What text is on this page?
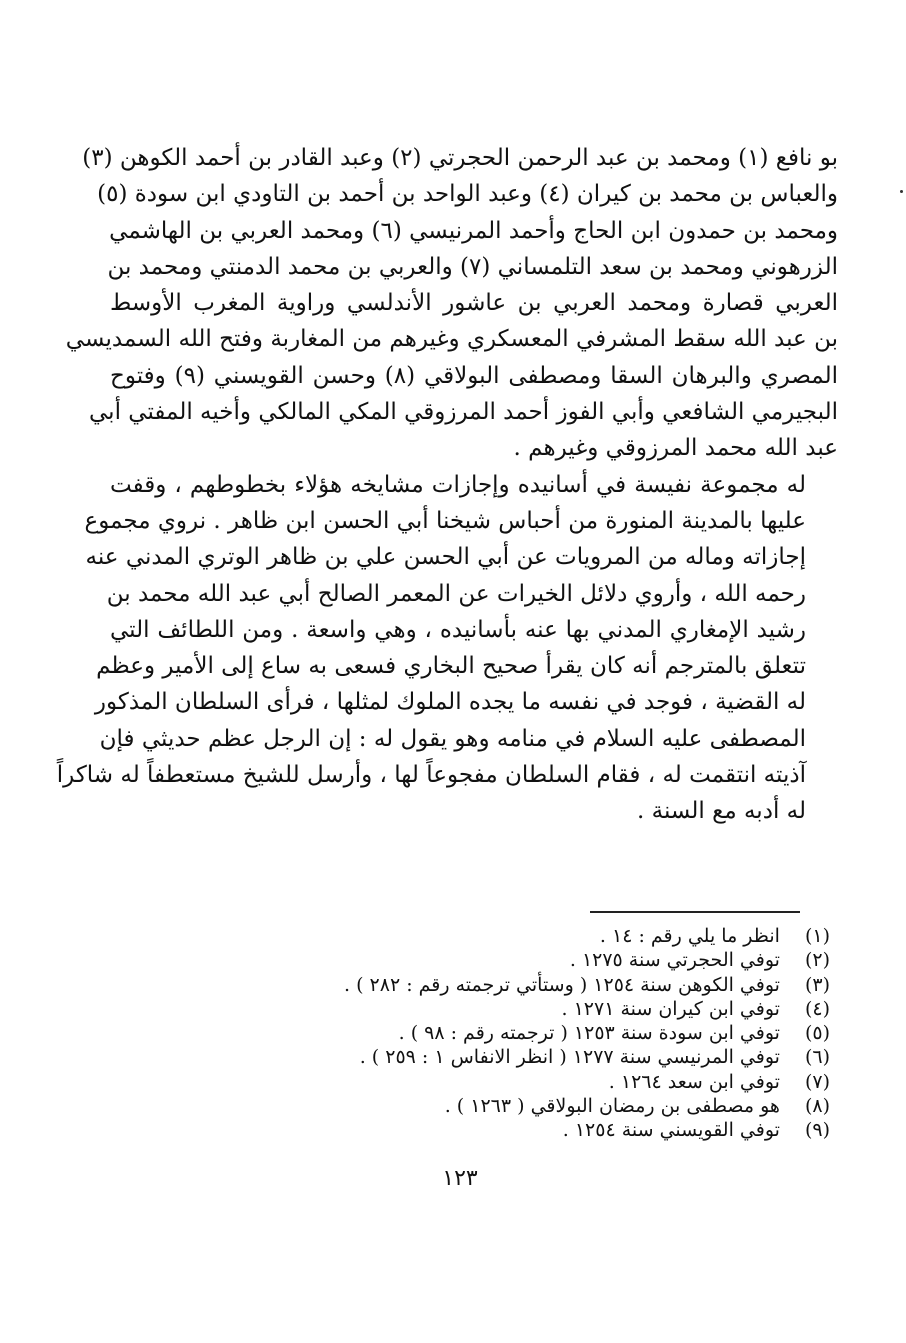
بو نافع (١) ومحمد بن عبد الرحمن الحجرتي (٢) وعبد القادر بن أحمد الكوهن (٣)
والعباس بن محمد بن كيران (٤) وعبد الواحد بن أحمد بن التاودي ابن سودة (٥)
ومحمد بن حمدون ابن الحاج وأحمد المرنيسي (٦) ومحمد العربي بن الهاشمي
الزرهوني ومحمد بن سعد التلمساني (٧) والعربي بن محمد الدمنتي ومحمد بن
العربي قصارة ومحمد العربي بن عاشور الأندلسي وراوية المغرب الأوسط
بن عبد الله سقط المشرفي المعسكري وغيرهم من المغاربة وفتح الله السمديسي
المصري والبرهان السقا ومصطفى البولاقي (٨) وحسن القويسني (٩) وفتوح
البجيرمي الشافعي وأبي الفوز أحمد المرزوقي المكي المالكي وأخيه المفتي أبي
عبد الله محمد المرزوقي وغيرهم .

له مجموعة نفيسة في أسانيده وإجازات مشايخه هؤلاء بخطوطهم ، وقفت
عليها بالمدينة المنورة من أحباس شيخنا أبي الحسن ابن ظاهر . نروي مجموع
إجازاته وماله من المرويات عن أبي الحسن علي بن ظاهر الوتري المدني عنه
رحمه الله ، وأروي دلائل الخيرات عن المعمر الصالح أبي عبد الله محمد بن
رشيد الإمغاري المدني بها عنه بأسانيده ، وهي واسعة . ومن اللطائف التي
تتعلق بالمترجم أنه كان يقرأ صحيح البخاري فسعى به ساع إلى الأمير وعظم
له القضية ، فوجد في نفسه ما يجده الملوك لمثلها ، فرأى السلطان المذكور
المصطفى عليه السلام في منامه وهو يقول له : إن الرجل عظم حديثي فإن
آذيته انتقمت له ، فقام السلطان مفجوعاً لها ، وأرسل للشيخ مستعطفاً له شاكراً
له أدبه مع السنة .

(١) انظر ما يلي رقم : ١٤ .
(٢) توفي الحجرتي سنة ١٢٧٥ .
(٣) توفي الكوهن سنة ١٢٥٤ ( وستأتي ترجمته رقم : ٢٨٢ ) .
(٤) توفي ابن كيران سنة ١٢٧١ .
(٥) توفي ابن سودة سنة ١٢٥٣ ( ترجمته رقم : ٩٨ ) .
(٦) توفي المرنيسي سنة ١٢٧٧ ( انظر الانفاس ١ : ٢٥٩ ) .
(٧) توفي ابن سعد ١٢٦٤ .
(٨) هو مصطفى بن رمضان البولاقي ( ١٢٦٣ ) .
(٩) توفي القويسني سنة ١٢٥٤ .
١٢٣
